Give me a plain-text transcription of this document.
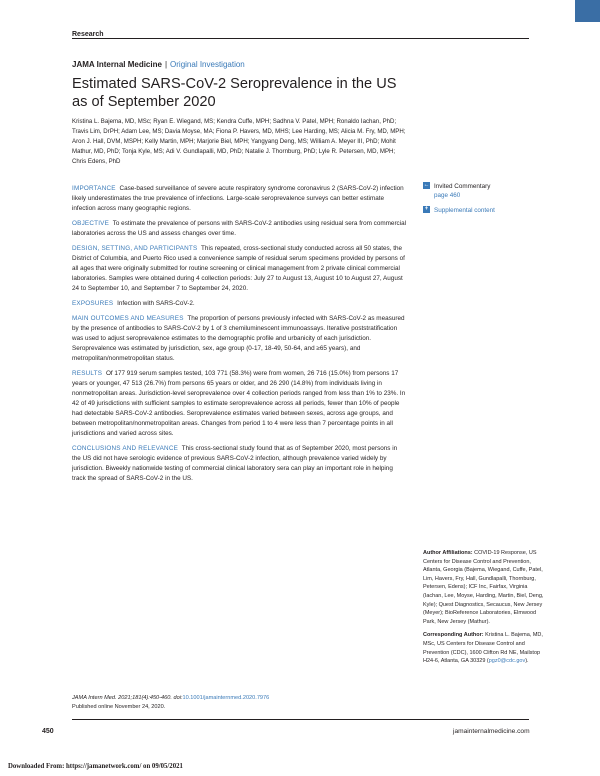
Research
JAMA Internal Medicine | Original Investigation
Estimated SARS-CoV-2 Seroprevalence in the US as of September 2020
Kristina L. Bajema, MD, MSc; Ryan E. Wiegand, MS; Kendra Cuffe, MPH; Sadhna V. Patel, MPH; Ronaldo Iachan, PhD; Travis Lim, DrPH; Adam Lee, MS; Davia Moyse, MA; Fiona P. Havers, MD, MHS; Lee Harding, MS; Alicia M. Fry, MD, MPH; Aron J. Hall, DVM, MSPH; Kelly Martin, MPH; Marjorie Biel, MPH; Yangyang Deng, MS; William A. Meyer III, PhD; Mohit Mathur, MD, PhD; Tonja Kyle, MS; Adi V. Gundlapalli, MD, PhD; Natalie J. Thornburg, PhD; Lyle R. Petersen, MD, MPH; Chris Edens, PhD

IMPORTANCE Case-based surveillance of severe acute respiratory syndrome coronavirus 2 (SARS-CoV-2) infection likely underestimates the true prevalence of infections. Large-scale seroprevalence surveys can better estimate infection across many geographic regions.

OBJECTIVE To estimate the prevalence of persons with SARS-CoV-2 antibodies using residual sera from commercial laboratories across the US and assess changes over time.

DESIGN, SETTING, AND PARTICIPANTS This repeated, cross-sectional study conducted across all 50 states, the District of Columbia, and Puerto Rico used a convenience sample of residual serum specimens provided by persons of all ages that were originally submitted for routine screening or clinical management from 2 private clinical commercial laboratories. Samples were obtained during 4 collection periods: July 27 to August 13, August 10 to August 27, August 24 to September 10, and September 7 to September 24, 2020.

EXPOSURES Infection with SARS-CoV-2.

MAIN OUTCOMES AND MEASURES The proportion of persons previously infected with SARS-CoV-2 as measured by the presence of antibodies to SARS-CoV-2 by 1 of 3 chemiluminescent immunoassays. Iterative poststratification was used to adjust seroprevalence estimates to the demographic profile and urbanicity of each jurisdiction. Seroprevalence was estimated by jurisdiction, sex, age group (0-17, 18-49, 50-64, and ≥65 years), and metropolitan/nonmetropolitan status.

RESULTS Of 177 919 serum samples tested, 103 771 (58.3%) were from women, 26 716 (15.0%) from persons 17 years or younger, 47 513 (26.7%) from persons 65 years or older, and 26 290 (14.8%) from individuals living in nonmetropolitan areas. Jurisdiction-level seroprevalence over 4 collection periods ranged from less than 1% to 23%. In 42 of 49 jurisdictions with sufficient samples to estimate seroprevalence across all periods, fewer than 10% of people had detectable SARS-CoV-2 antibodies. Seroprevalence estimates varied between sexes, across age groups, and between metropolitan/nonmetropolitan areas. Changes from period 1 to 4 were less than 7 percentage points in all jurisdictions and varied across sites.

CONCLUSIONS AND RELEVANCE This cross-sectional study found that as of September 2020, most persons in the US did not have serologic evidence of previous SARS-CoV-2 infection, although prevalence varied widely by jurisdiction. Biweekly nationwide testing of commercial clinical laboratory sera can play an important role in helping track the spread of SARS-CoV-2 in the US.

← Invited Commentary
page 460
+ Supplemental content

Author Affiliations: COVID-19 Response, US Centers for Disease Control and Prevention, Atlanta, Georgia (Bajema, Wiegand, Cuffe, Patel, Lim, Havers, Fry, Hall, Gundlapalli, Thornburg, Petersen, Edens); ICF Inc, Fairfax, Virginia (Iachan, Lee, Moyse, Harding, Martin, Biel, Deng, Kyle); Quest Diagnostics, Secaucus, New Jersey (Meyer); BioReference Laboratories, Elmwood Park, New Jersey (Mathur).

Corresponding Author: Kristina L. Bajema, MD, MSc, US Centers for Disease Control and Prevention (CDC), 1600 Clifton Rd NE, Mailstop H24-6, Atlanta, GA 30329 (pgz0@cdc.gov).

JAMA Intern Med. 2021;181(4):450-460. doi:10.1001/jamainternmed.2020.7976
Published online November 24, 2020.
450	jamainternalmedicine.com
Downloaded From: https://jamanetwork.com/ on 09/05/2021
